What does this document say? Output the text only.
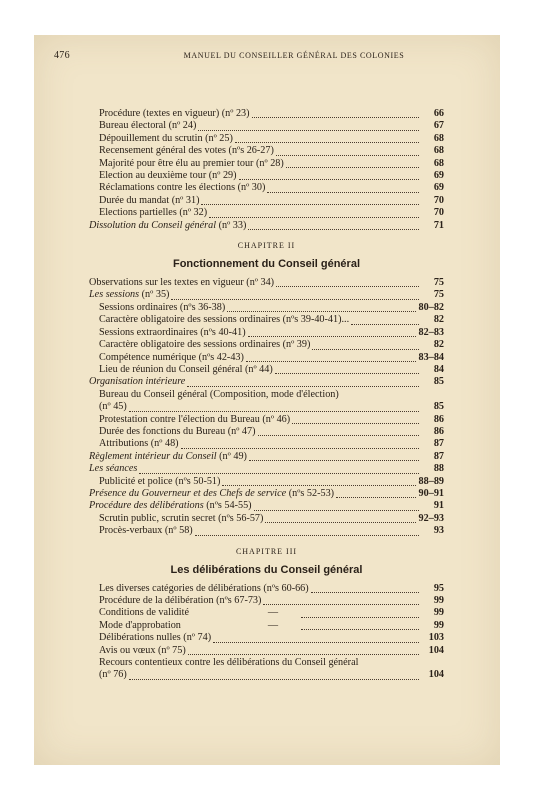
476	MANUEL DU CONSEILLER GÉNÉRAL DES COLONIES
Procédure (textes en vigueur) (nº 23)	66
Bureau électoral (nº 24)	67
Dépouillement du scrutin (nº 25)	68
Recensement général des votes (nºs 26-27)	68
Majorité pour être élu au premier tour (nº 28)	68
Election au deuxième tour (nº 29)	69
Réclamations contre les élections (nº 30)	69
Durée du mandat (nº 31)	70
Elections partielles (nº 32)	70
Dissolution du Conseil général (nº 33)	71
CHAPITRE II
Fonctionnement du Conseil général
Observations sur les textes en vigueur (nº 34)	75
Les sessions (nº 35)	75
Sessions ordinaires (nºs 36-38)	80–82
Caractère obligatoire des sessions ordinaires (nºs 39-40-41)...	82
Sessions extraordinaires (nºs 40-41)	82–83
Caractère obligatoire des sessions ordinaires (nº 39)	82
Compétence numérique (nºs 42-43)	83–84
Lieu de réunion du Conseil général (nº 44)	84
Organisation intérieure	85
Bureau du Conseil général (Composition, mode d'élection)
(nº 45)	85
Protestation contre l'élection du Bureau (nº 46)	86
Durée des fonctions du Bureau (nº 47)	86
Attributions (nº 48)	87
Règlement intérieur du Conseil (nº 49)	87
Les séances	88
Publicité et police (nºs 50-51)	88–89
Présence du Gouverneur et des Chefs de service (nºs 52-53)	90–91
Procédure des délibérations (nºs 54-55)	91
Scrutin public, scrutin secret (nºs 56-57)	92–93
Procès-verbaux (nº 58)	93
CHAPITRE III
Les délibérations du Conseil général
Les diverses catégories de délibérations (nºs 60-66)	95
Procédure de la délibération (nºs 67-73)	99
Conditions de validité	—	99
Mode d'approbation	—	99
Délibérations nulles (nº 74)	103
Avis ou vœux (nº 75)	104
Recours contentieux contre les délibérations du Conseil général
(nº 76)	104
